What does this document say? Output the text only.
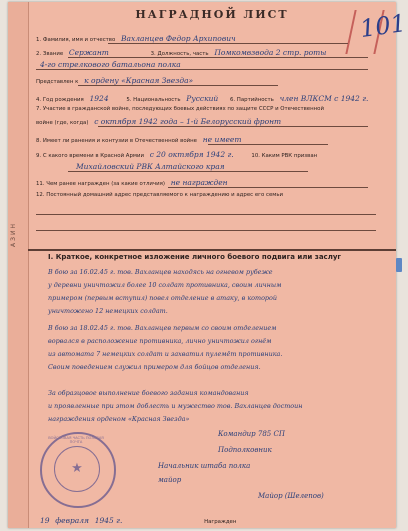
АЗИН
101
НАГРАДНОЙ ЛИСТ
1. Фамилия, имя и отчество Вахланцев Федор Архипович
2. Звание Сержант	3. Должность, часть Помкомвзвода 2 стр. роты
4-го стрелкового батальона полка
Представлен к к ордену «Красная Звезда»
4. Год рождения 1924	5. Национальность Русский 6. Партийность член ВЛКСМ с 1942 г.
7. Участие в гражданской войне, последующих боевых действиях по защите СССР и Отечественной
войне (где, когда) с октября 1942 года – 1-й Белорусский фронт
8. Имеет ли ранения и контузии в Отечественной войне не имеет
9. С какого времени в Красной Армии с 20 октября 1942 г.	10. Каким РВК призван
Михайловский РВК Алтайского края
11. Чем ранее награжден (за какие отличия) не награжден
12. Постоянный домашний адрес представляемого к награждению и адрес его семьи
I. Краткое, конкретное изложение личного боевого подвига или заслуг
В бою за 16.02.45 г. тов. Вахланцев находясь на огневом рубеже
у деревни уничтожил более 10 солдат противника, своим личным
примером (первым вступил) повел отделение в атаку, в которой
уничтожено 12 немецких солдат.
В бою за 18.02.45 г. тов. Вахланцев первым со своим отделением
ворвался в расположение противника, лично уничтожил огнём
из автомата 7 немецких солдат и захватил пулемёт противника.
Своим поведением служил примером для бойцов отделения.
За образцовое выполнение боевого задания командования
и проявленные при этом доблесть и мужество тов. Вахланцев достоин
награждения орденом «Красная Звезда»
Командир 785 СП
Подполковник
Начальник штаба полка
майор
Майор (Шелепов)
ВОЙСКОВАЯ ЧАСТЬ ПОЛЕВАЯ ПОЧТА
★
19 февраля 1945 г.	Награжден
